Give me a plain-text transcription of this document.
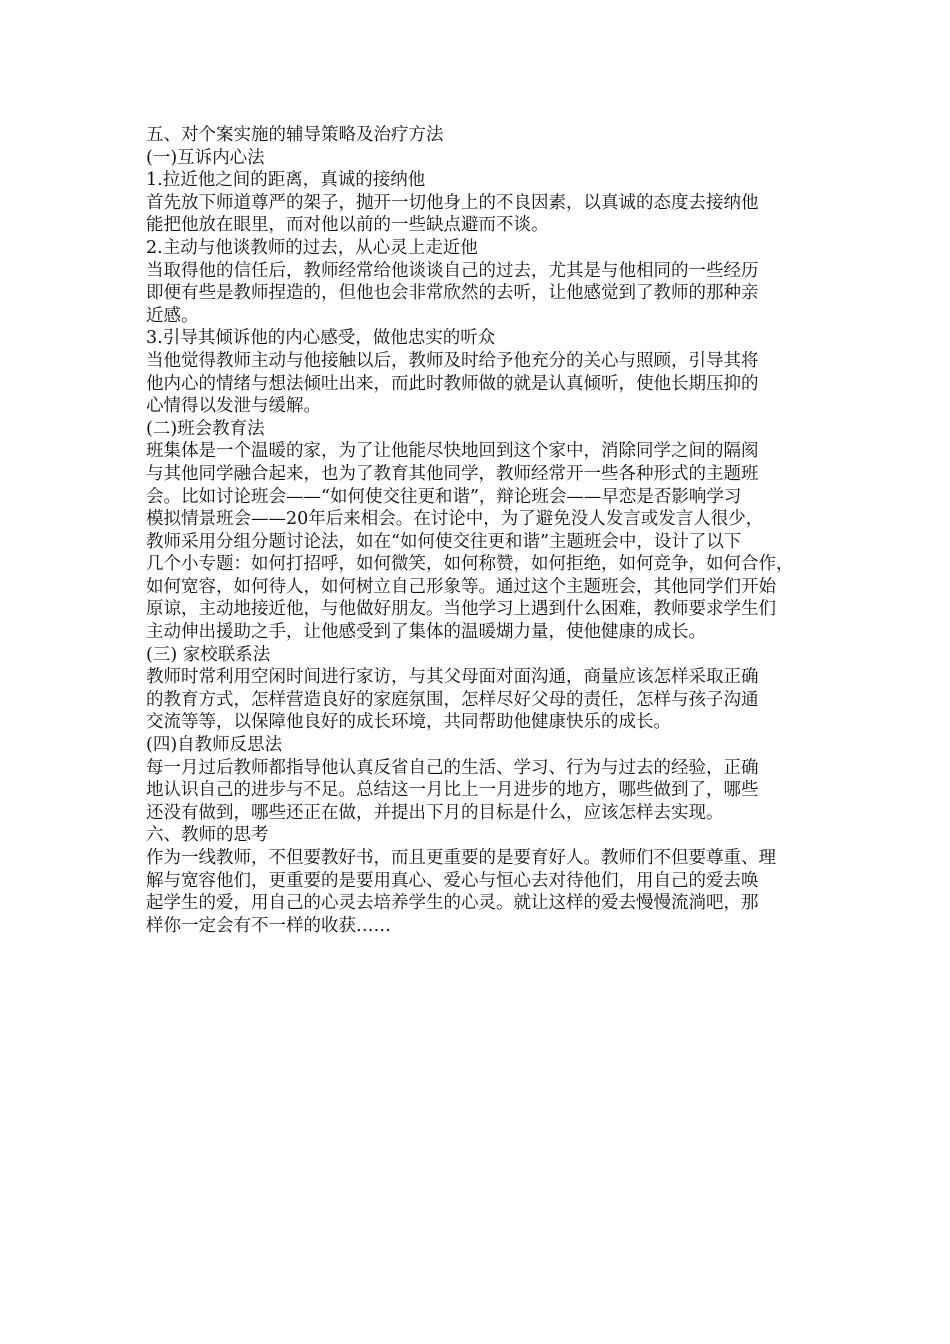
五、对个案实施的辅导策略及治疗方法
(一)互诉内心法
1.拉近他之间的距离，真诚的接纳他
首先放下师道尊严的架子，抛开一切他身上的不良因素，以真诚的态度去接纳他
能把他放在眼里，而对他以前的一些缺点避而不谈。
2.主动与他谈教师的过去，从心灵上走近他
当取得他的信任后，教师经常给他谈谈自己的过去，尤其是与他相同的一些经历
即便有些是教师捏造的，但他也会非常欣然的去听，让他感觉到了教师的那种亲
近感。
3.引导其倾诉他的内心感受，做他忠实的听众
当他觉得教师主动与他接触以后，教师及时给予他充分的关心与照顾，引导其将
他内心的情绪与想法倾吐出来，而此时教师做的就是认真倾听，使他长期压抑的
心情得以发泄与缓解。
(二)班会教育法
班集体是一个温暖的家，为了让他能尽快地回到这个家中，消除同学之间的隔阂
与其他同学融合起来，也为了教育其他同学，教师经常开一些各种形式的主题班
会。比如讨论班会——“如何使交往更和谐”，辩论班会——早恋是否影响学习
模拟情景班会——20年后来相会。在讨论中，为了避免没人发言或发言人很少，
教师采用分组分题讨论法，如在“如何使交往更和谐”主题班会中，设计了以下
几个小专题：如何打招呼，如何微笑，如何称赞，如何拒绝，如何竞争，如何合作，
如何宽容，如何待人，如何树立自己形象等。通过这个主题班会，其他同学们开始
原谅，主动地接近他，与他做好朋友。当他学习上遇到什么困难，教师要求学生们
主动伸出援助之手，让他感受到了集体的温暖煳力量，使他健康的成长。
(三) 家校联系法
教师时常利用空闲时间进行家访，与其父母面对面沟通，商量应该怎样采取正确
的教育方式，怎样营造良好的家庭氛围，怎样尽好父母的责任，怎样与孩子沟通
交流等等，以保障他良好的成长环境，共同帮助他健康快乐的成长。
(四)自教师反思法
每一月过后教师都指导他认真反省自己的生活、学习、行为与过去的经验，正确
地认识自己的进步与不足。总结这一月比上一月进步的地方，哪些做到了，哪些
还没有做到，哪些还正在做，并提出下月的目标是什么，应该怎样去实现。
六、教师的思考
作为一线教师，不但要教好书，而且更重要的是要育好人。教师们不但要尊重、理
解与宽容他们，更重要的是要用真心、爱心与恒心去对待他们，用自己的爱去唤
起学生的爱，用自己的心灵去培养学生的心灵。就让这样的爱去慢慢流淌吧，那
样你一定会有不一样的收获……
